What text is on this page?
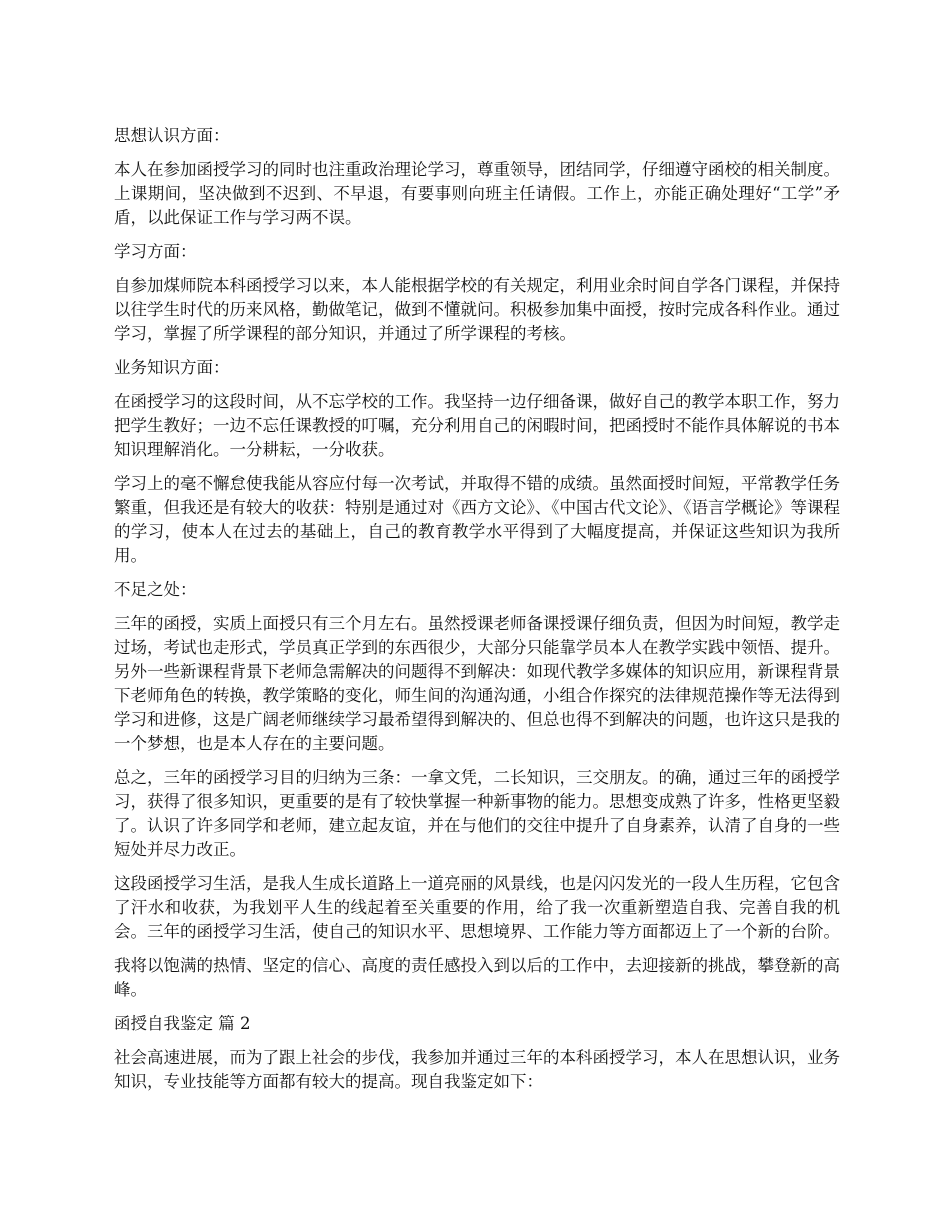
思想认识方面：

本人在参加函授学习的同时也注重政治理论学习，尊重领导，团结同学，仔细遵守函校的相关制度。上课期间，坚决做到不迟到、不早退，有要事则向班主任请假。工作上，亦能正确处理好“工学”矛盾，以此保证工作与学习两不误。

学习方面：

自参加煤师院本科函授学习以来，本人能根据学校的有关规定，利用业余时间自学各门课程，并保持以往学生时代的历来风格，勤做笔记，做到不懂就问。积极参加集中面授，按时完成各科作业。通过学习，掌握了所学课程的部分知识，并通过了所学课程的考核。

业务知识方面：

在函授学习的这段时间，从不忘学校的工作。我坚持一边仔细备课，做好自己的教学本职工作，努力把学生教好；一边不忘任课教授的叮嘱，充分利用自己的闲暇时间，把函授时不能作具体解说的书本知识理解消化。一分耕耘，一分收获。

学习上的毫不懈怠使我能从容应付每一次考试，并取得不错的成绩。虽然面授时间短，平常教学任务繁重，但我还是有较大的收获：特别是通过对《西方文论》、《中国古代文论》、《语言学概论》等课程的学习，使本人在过去的基础上，自己的教育教学水平得到了大幅度提高，并保证这些知识为我所用。

不足之处：

三年的函授，实质上面授只有三个月左右。虽然授课老师备课授课仔细负责，但因为时间短，教学走过场，考试也走形式，学员真正学到的东西很少，大部分只能靠学员本人在教学实践中领悟、提升。另外一些新课程背景下老师急需解决的问题得不到解决：如现代教学多媒体的知识应用，新课程背景下老师角色的转换，教学策略的变化，师生间的沟通沟通，小组合作探究的法律规范操作等无法得到学习和进修，这是广阔老师继续学习最希望得到解决的、但总也得不到解决的问题，也许这只是我的一个梦想，也是本人存在的主要问题。

总之，三年的函授学习目的归纳为三条：一拿文凭，二长知识，三交朋友。的确，通过三年的函授学习，获得了很多知识，更重要的是有了较快掌握一种新事物的能力。思想变成熟了许多，性格更坚毅了。认识了许多同学和老师，建立起友谊，并在与他们的交往中提升了自身素养，认清了自身的一些短处并尽力改正。

这段函授学习生活，是我人生成长道路上一道亮丽的风景线，也是闪闪发光的一段人生历程，它包含了汗水和收获，为我划平人生的线起着至关重要的作用，给了我一次重新塑造自我、完善自我的机会。三年的函授学习生活，使自己的知识水平、思想境界、工作能力等方面都迈上了一个新的台阶。

我将以饱满的热情、坚定的信心、高度的责任感投入到以后的工作中，去迎接新的挑战，攀登新的高峰。

函授自我鉴定 篇 2

社会高速进展，而为了跟上社会的步伐，我参加并通过三年的本科函授学习，本人在思想认识，业务知识，专业技能等方面都有较大的提高。现自我鉴定如下：
